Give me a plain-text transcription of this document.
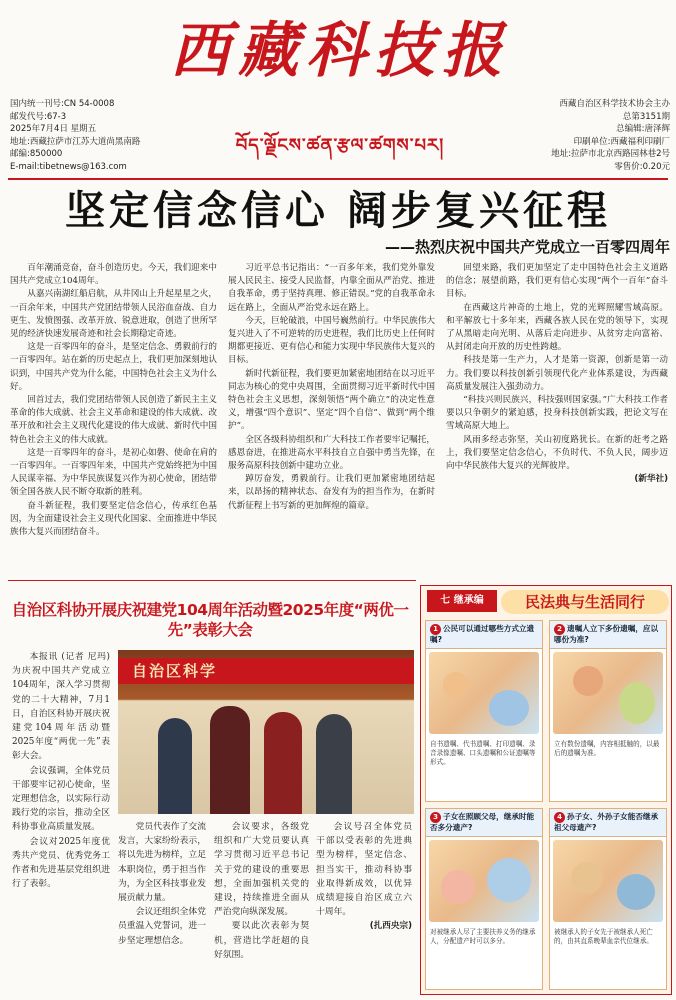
西藏科技报
བོད་ལྗོངས་ཚན་རྩལ་ཚགས་པར།
国内统一刊号:CN 54-0008
邮发代号:67-3
2025年7月4日 星期五
地址:西藏拉萨市江苏大道尚黑南路
邮编:850000
E-mail:tibetnews@163.com
西藏自治区科学技术协会主办
总第3151期
总编辑:唐泽辉
印刷单位:西藏福利印刷厂
地址:拉萨市北京西路园林巷2号
零售价:0.20元
坚定信念信心 阔步复兴征程
——热烈庆祝中国共产党成立一百零四周年

百年潮涌竞奋，奋斗创造历史。今天，我们迎来中国共产党成立104周年。

从嘉兴南湖红船启航，从井冈山上升起星星之火，一百余年来，中国共产党团结带领人民浴血奋战、自力更生、发愤图强、改革开放、锐意进取，创造了世所罕见的经济快速发展奇迹和社会长期稳定奇迹。

这是一百零四年的奋斗，是坚定信念、勇毅前行的一百零四年。站在新的历史起点上，我们更加深刻地认识到，中国共产党为什么能，中国特色社会主义为什么好。

回首过去，我们党团结带领人民创造了新民主主义革命的伟大成就、社会主义革命和建设的伟大成就、改革开放和社会主义现代化建设的伟大成就、新时代中国特色社会主义的伟大成就。

这是一百零四年的奋斗，是初心如磐、使命在肩的一百零四年。一百零四年来，中国共产党始终把为中国人民谋幸福、为中华民族谋复兴作为初心使命，团结带领全国各族人民不断夺取新的胜利。

奋斗新征程，我们要坚定信念信心，传承红色基因，为全面建设社会主义现代化国家、全面推进中华民族伟大复兴而团结奋斗。

习近平总书记指出：“一百多年来，我们党外靠发展人民民主、接受人民监督，内靠全面从严治党、推进自我革命，勇于坚持真理、修正错误。”党的自我革命永远在路上，全面从严治党永远在路上。

今天，巨轮破浪，中国号巍然前行。中华民族伟大复兴进入了不可逆转的历史进程，我们比历史上任何时期都更接近、更有信心和能力实现中华民族伟大复兴的目标。

新时代新征程，我们要更加紧密地团结在以习近平同志为核心的党中央周围，全面贯彻习近平新时代中国特色社会主义思想，深刻领悟“两个确立”的决定性意义，增强“四个意识”、坚定“四个自信”、做到“两个维护”。

全区各级科协组织和广大科技工作者要牢记嘱托，感恩奋进，在推进高水平科技自立自强中勇当先锋，在服务高原科技创新中建功立业。

踔厉奋发，勇毅前行。让我们更加紧密地团结起来，以昂扬的精神状态、奋发有为的担当作为，在新时代新征程上书写新的更加辉煌的篇章。

回望来路，我们更加坚定了走中国特色社会主义道路的信念；展望前路，我们更有信心实现“两个一百年”奋斗目标。

在西藏这片神奇的土地上，党的光辉照耀雪域高原。和平解放七十多年来，西藏各族人民在党的领导下，实现了从黑暗走向光明、从落后走向进步、从贫穷走向富裕、从封闭走向开放的历史性跨越。

科技是第一生产力，人才是第一资源，创新是第一动力。我们要以科技创新引领现代化产业体系建设，为西藏高质量发展注入强劲动力。

“科技兴则民族兴，科技强则国家强。”广大科技工作者要以只争朝夕的紧迫感，投身科技创新实践，把论文写在雪域高原大地上。

风雨多经志弥坚，关山初度路犹长。在新的赶考之路上，我们要坚定信念信心，不负时代、不负人民，阔步迈向中华民族伟大复兴的光辉彼岸。

(新华社)
自治区科协开展庆祝建党104周年活动暨2025年度“两优一先”表彰大会

本报讯 (记者 尼玛)为庆祝中国共产党成立104周年，深入学习贯彻党的二十大精神，7月1日，自治区科协开展庆祝建党104周年活动暨2025年度“两优一先”表彰大会。

会议强调，全体党员干部要牢记初心使命，坚定理想信念，以实际行动践行党的宗旨，推动全区科协事业高质量发展。

会议对2025年度优秀共产党员、优秀党务工作者和先进基层党组织进行了表彰。

自治区科学

党员代表作了交流发言，大家纷纷表示，将以先进为榜样，立足本职岗位，勇于担当作为，为全区科技事业发展贡献力量。

会议还组织全体党员重温入党誓词，进一步坚定理想信念。

会议要求，各级党组织和广大党员要认真学习贯彻习近平总书记关于党的建设的重要思想，全面加强机关党的建设，持续推进全面从严治党向纵深发展。

要以此次表彰为契机，营造比学赶超的良好氛围。

会议号召全体党员干部以受表彰的先进典型为榜样，坚定信念、担当实干，推动科协事业取得新成效，以优异成绩迎接自治区成立六十周年。

(扎西央宗)
七 继承编	民法典与生活同行
1 公民可以通过哪些方式立遗嘱?
自书遗嘱、代书遗嘱、打印遗嘱、录音录像遗嘱、口头遗嘱和公证遗嘱等形式。
2 遗嘱人立下多份遗嘱，应以哪份为准?
立有数份遗嘱，内容相抵触的，以最后的遗嘱为准。
3 子女在照顾父母，继承时能否多分遗产?
对被继承人尽了主要扶养义务的继承人，分配遗产时可以多分。
4 孙子女、外孙子女能否继承祖父母遗产?
被继承人的子女先于被继承人死亡的，由其直系晚辈血亲代位继承。
